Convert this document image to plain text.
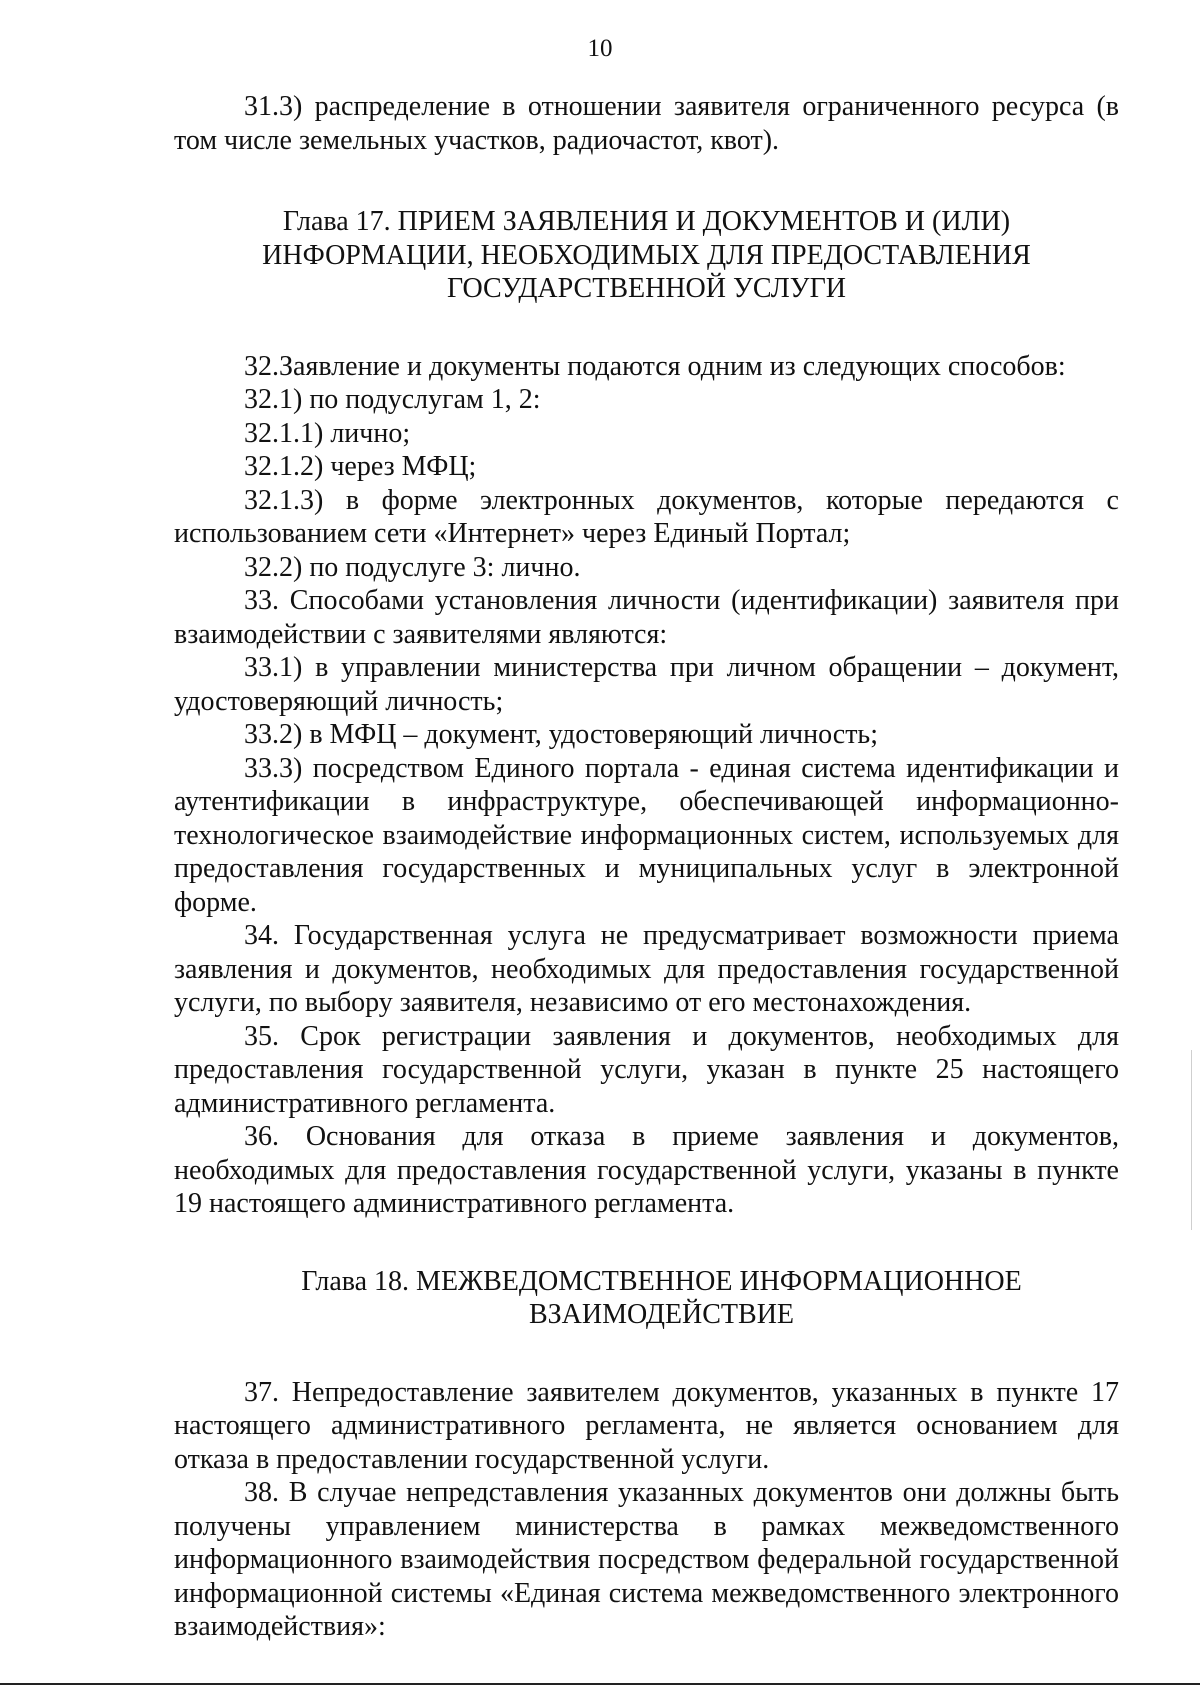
10

31.3) распределение в отношении заявителя ограниченного ресурса (в том числе земельных участков, радиочастот, квот).

Глава 17. ПРИЕМ ЗАЯВЛЕНИЯ И ДОКУМЕНТОВ И (ИЛИ)
ИНФОРМАЦИИ, НЕОБХОДИМЫХ ДЛЯ ПРЕДОСТАВЛЕНИЯ
ГОСУДАРСТВЕННОЙ УСЛУГИ

32.Заявление и документы подаются одним из следующих способов:

32.1) по подуслугам 1, 2:

32.1.1) лично;

32.1.2) через МФЦ;

32.1.3) в форме электронных документов, которые передаются с использованием сети «Интернет» через Единый Портал;

32.2) по подуслуге 3: лично.

33. Способами установления личности (идентификации) заявителя при взаимодействии с заявителями являются:

33.1) в управлении министерства при личном обращении – документ, удостоверяющий личность;

33.2) в МФЦ – документ, удостоверяющий личность;

33.3) посредством Единого портала - единая система идентификации и аутентификации в инфраструктуре, обеспечивающей информационно-технологическое взаимодействие информационных систем, используемых для предоставления государственных и муниципальных услуг в электронной форме.

34. Государственная услуга не предусматривает возможности приема заявления и документов, необходимых для предоставления государственной услуги, по выбору заявителя, независимо от его местонахождения.

35. Срок регистрации заявления и документов, необходимых для предоставления государственной услуги, указан в пункте 25 настоящего административного регламента.

36. Основания для отказа в приеме заявления и документов, необходимых для предоставления государственной услуги, указаны в пункте 19 настоящего административного регламента.

Глава 18. МЕЖВЕДОМСТВЕННОЕ ИНФОРМАЦИОННОЕ
ВЗАИМОДЕЙСТВИЕ

37. Непредоставление заявителем документов, указанных в пункте 17 настоящего административного регламента, не является основанием для отказа в предоставлении государственной услуги.

38. В случае непредставления указанных документов они должны быть получены управлением министерства в рамках межведомственного информационного взаимодействия посредством федеральной государственной информационной системы «Единая система межведомственного электронного взаимодействия»:
